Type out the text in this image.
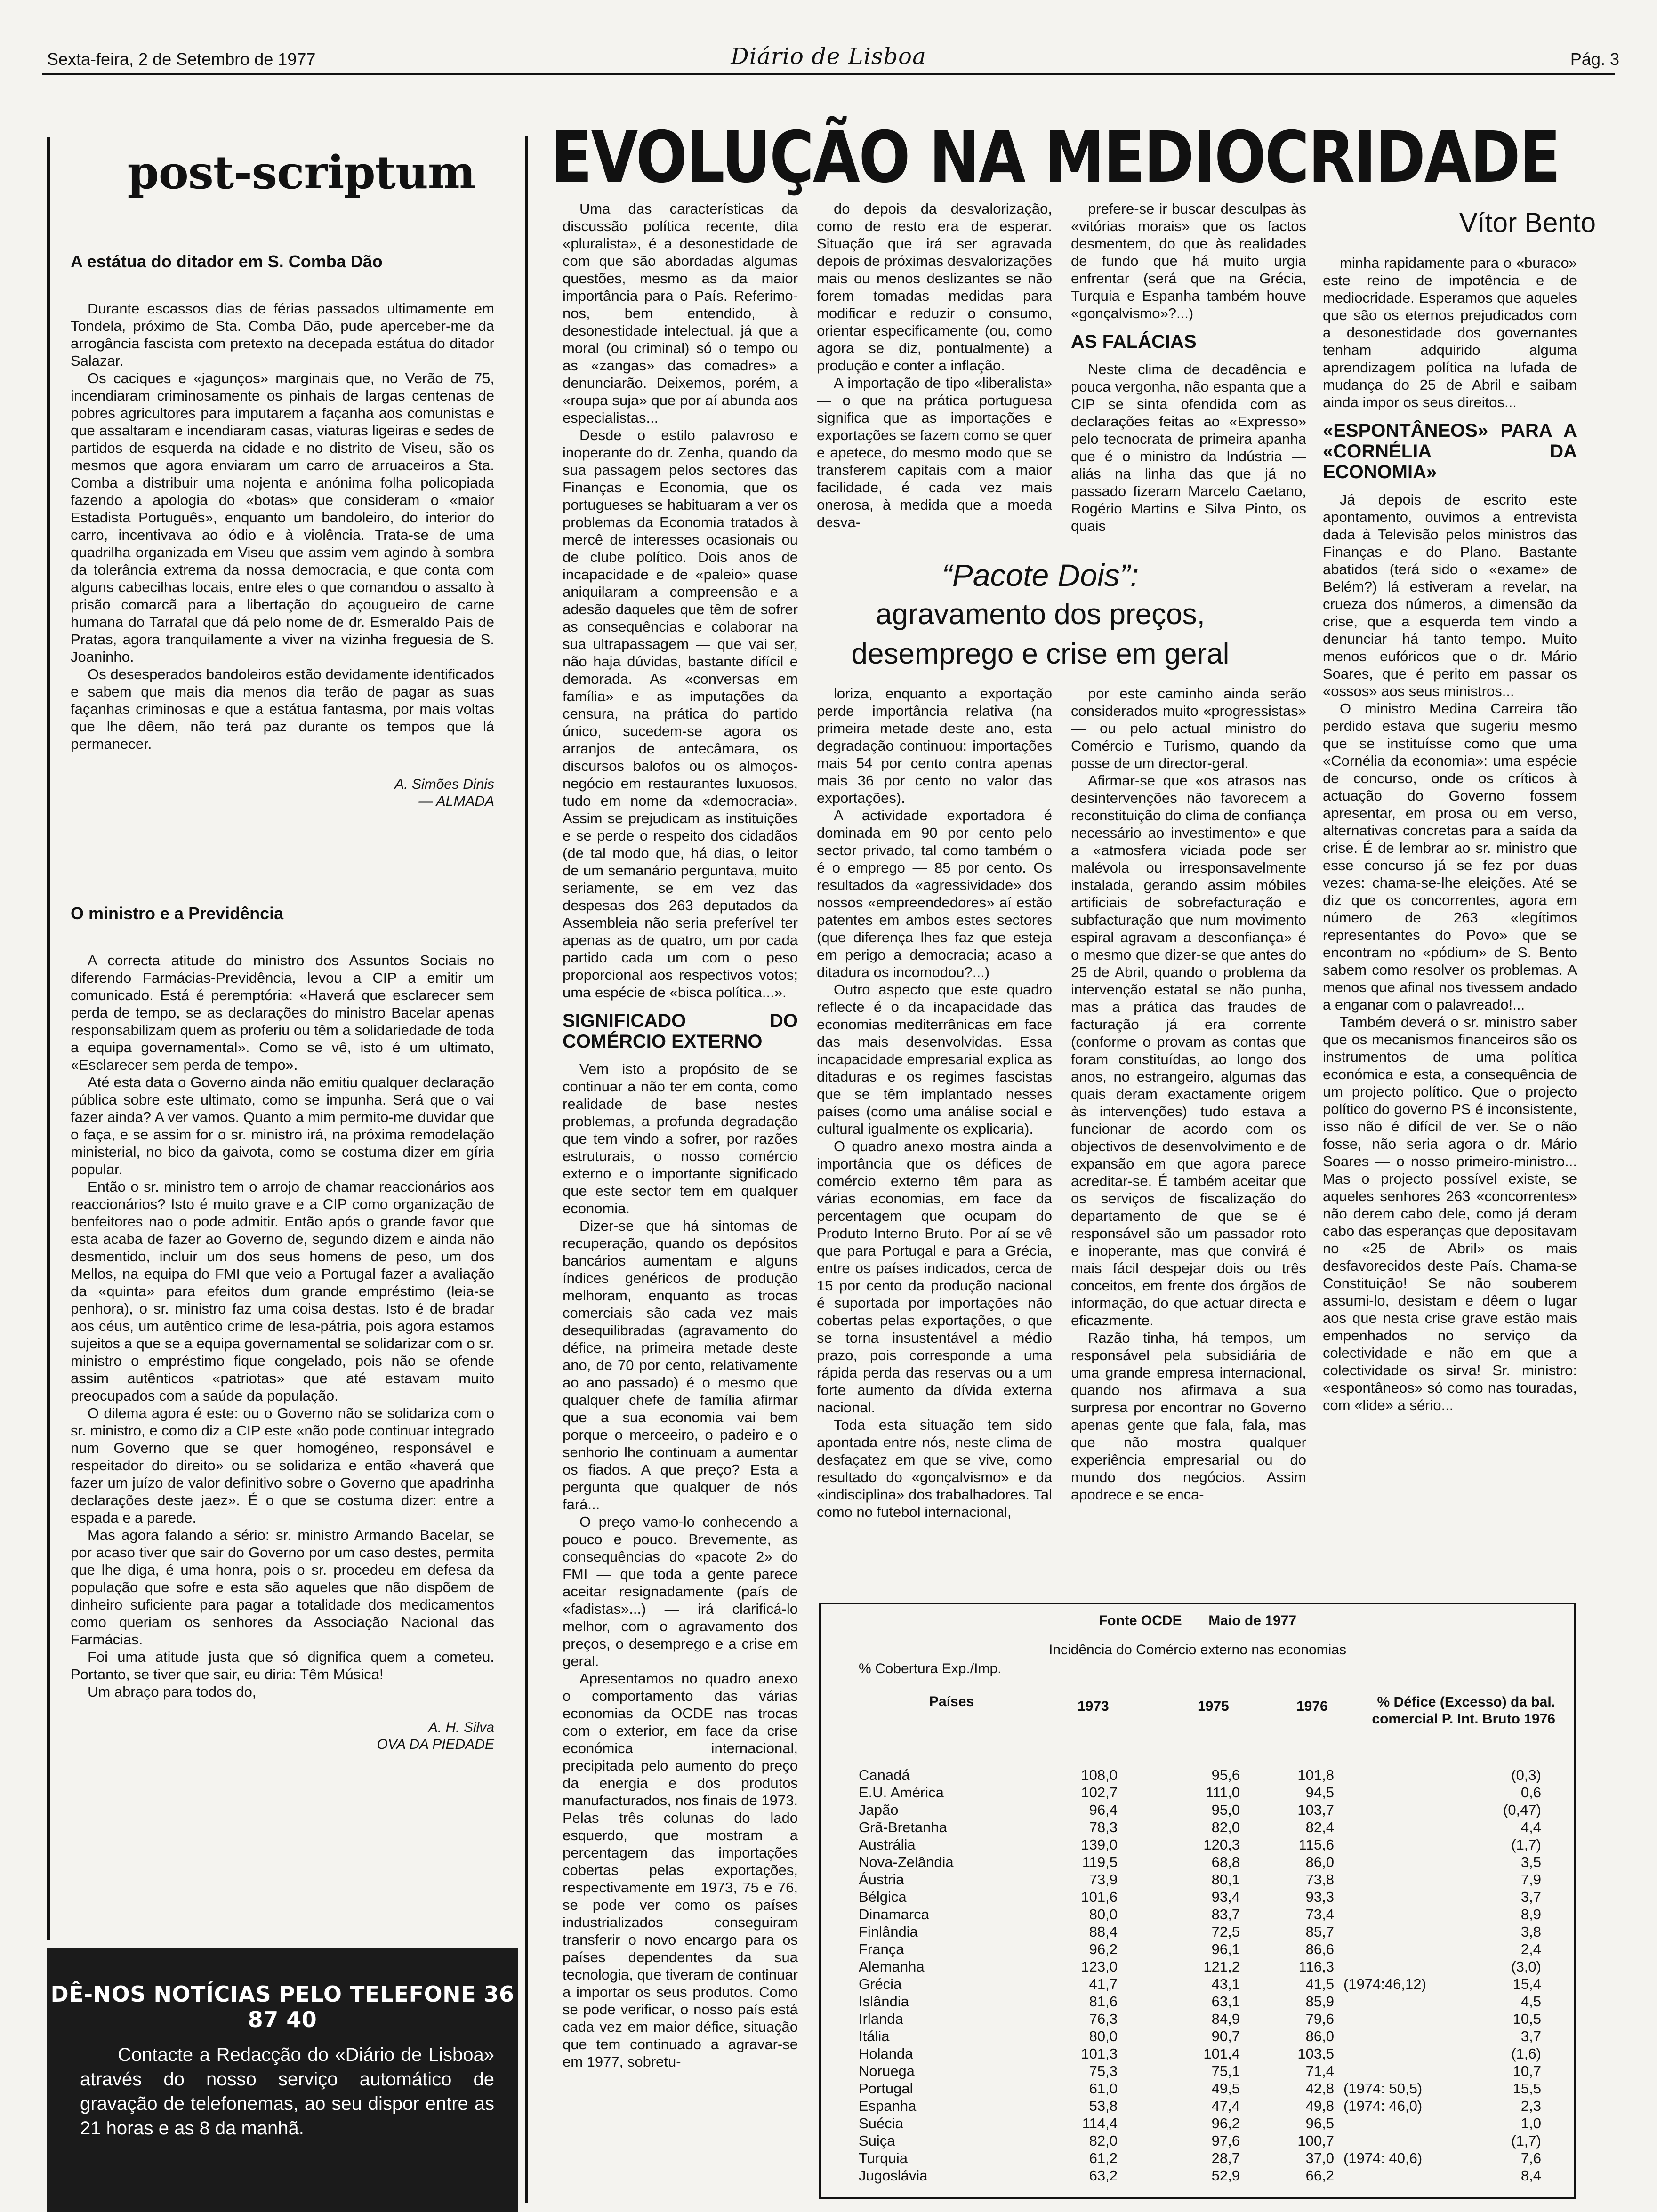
Sexta-feira, 2 de Setembro de 1977	Diário de Lisboa	Pág. 3
post-scriptum
A estátua do ditador em S. Comba Dão

Durante escassos dias de férias passados ultimamente em Tondela, próximo de Sta. Comba Dão, pude aperceber-me da arrogância fascista com pretexto na decepada estátua do ditador Salazar.

Os caciques e «jagunços» marginais que, no Verão de 75, incendiaram criminosamente os pinhais de largas centenas de pobres agricultores para imputarem a façanha aos comunistas e que assaltaram e incendiaram casas, viaturas ligeiras e sedes de partidos de esquerda na cidade e no distrito de Viseu, são os mesmos que agora enviaram um carro de arruaceiros a Sta. Comba a distribuir uma nojenta e anónima folha policopiada fazendo a apologia do «botas» que consideram o «maior Estadista Português», enquanto um bandoleiro, do interior do carro, incentivava ao ódio e à violência. Trata-se de uma quadrilha organizada em Viseu que assim vem agindo à sombra da tolerância extrema da nossa democracia, e que conta com alguns cabecilhas locais, entre eles o que comandou o assalto à prisão comarcã para a libertação do açougueiro de carne humana do Tarrafal que dá pelo nome de dr. Esmeraldo Pais de Pratas, agora tranquilamente a viver na vizinha freguesia de S. Joaninho.

Os desesperados bandoleiros estão devidamente identificados e sabem que mais dia menos dia terão de pagar as suas façanhas criminosas e que a estátua fantasma, por mais voltas que lhe dêem, não terá paz durante os tempos que lá permanecer.

A. Simões Dinis
— ALMADA
O ministro e a Previdência

A correcta atitude do ministro dos Assuntos Sociais no diferendo Farmácias-Previdência, levou a CIP a emitir um comunicado. Está é peremptória: «Haverá que esclarecer sem perda de tempo, se as declarações do ministro Bacelar apenas responsabilizam quem as proferiu ou têm a solidariedade de toda a equipa governamental». Como se vê, isto é um ultimato, «Esclarecer sem perda de tempo».

Até esta data o Governo ainda não emitiu qualquer declaração pública sobre este ultimato, como se impunha. Será que o vai fazer ainda? A ver vamos. Quanto a mim permito-me duvidar que o faça, e se assim for o sr. ministro irá, na próxima remodelação ministerial, no bico da gaivota, como se costuma dizer em gíria popular.

Então o sr. ministro tem o arrojo de chamar reaccionários aos reaccionários? Isto é muito grave e a CIP como organização de benfeitores nao o pode admitir. Então após o grande favor que esta acaba de fazer ao Governo de, segundo dizem e ainda não desmentido, incluir um dos seus homens de peso, um dos Mellos, na equipa do FMI que veio a Portugal fazer a avaliação da «quinta» para efeitos dum grande empréstimo (leia-se penhora), o sr. ministro faz uma coisa destas. Isto é de bradar aos céus, um autêntico crime de lesa-pátria, pois agora estamos sujeitos a que se a equipa governamental se solidarizar com o sr. ministro o empréstimo fique congelado, pois não se ofende assim autênticos «patriotas» que até estavam muito preocupados com a saúde da população.

O dilema agora é este: ou o Governo não se solidariza com o sr. ministro, e como diz a CIP este «não pode continuar integrado num Governo que se quer homogéneo, responsável e respeitador do direito» ou se solidariza e então «haverá que fazer um juízo de valor definitivo sobre o Governo que apadrinha declarações deste jaez». É o que se costuma dizer: entre a espada e a parede.

Mas agora falando a sério: sr. ministro Armando Bacelar, se por acaso tiver que sair do Governo por um caso destes, permita que lhe diga, é uma honra, pois o sr. procedeu em defesa da população que sofre e esta são aqueles que não dispõem de dinheiro suficiente para pagar a totalidade dos medicamentos como queriam os senhores da Associação Nacional das Farmácias.

Foi uma atitude justa que só dignifica quem a cometeu. Portanto, se tiver que sair, eu diria: Têm Música!

Um abraço para todos do,

A. H. Silva
OVA DA PIEDADE
DÊ-NOS NOTÍCIAS PELO TELEFONE 36 87 40
Contacte a Redacção do «Diário de Lisboa» através do nosso serviço automático de gravação de telefonemas, ao seu dispor entre as 21 horas e as 8 da manhã.
EVOLUÇÃO NA MEDIOCRIDADE
Vítor Bento

Uma das características da discussão política recente, dita «pluralista», é a desonestidade de com que são abordadas algumas questões, mesmo as da maior importância para o País. Referimo-nos, bem entendido, à desonestidade intelectual, já que a moral (ou criminal) só o tempo ou as «zangas» das comadres» a denunciarão. Deixemos, porém, a «roupa suja» que por aí abunda aos especialistas...

Desde o estilo palavroso e inoperante do dr. Zenha, quando da sua passagem pelos sectores das Finanças e Economia, que os portugueses se habituaram a ver os problemas da Economia tratados à mercê de interesses ocasionais ou de clube político. Dois anos de incapacidade e de «paleio» quase aniquilaram a compreensão e a adesão daqueles que têm de sofrer as consequências e colaborar na sua ultrapassagem — que vai ser, não haja dúvidas, bastante difícil e demorada. As «conversas em família» e as imputações da censura, na prática do partido único, sucedem-se agora os arranjos de antecâmara, os discursos balofos ou os almoços-negócio em restaurantes luxuosos, tudo em nome da «democracia». Assim se prejudicam as instituições e se perde o respeito dos cidadãos (de tal modo que, há dias, o leitor de um semanário perguntava, muito seriamente, se em vez das despesas dos 263 deputados da Assembleia não seria preferível ter apenas as de quatro, um por cada partido cada um com o peso proporcional aos respectivos votos; uma espécie de «bisca política...».

SIGNIFICADO DO COMÉRCIO EXTERNO

Vem isto a propósito de se continuar a não ter em conta, como realidade de base nestes problemas, a profunda degradação que tem vindo a sofrer, por razões estruturais, o nosso comércio externo e o importante significado que este sector tem em qualquer economia.

Dizer-se que há sintomas de recuperação, quando os depósitos bancários aumentam e alguns índices genéricos de produção melhoram, enquanto as trocas comerciais são cada vez mais desequilibradas (agravamento do défice, na primeira metade deste ano, de 70 por cento, relativamente ao ano passado) é o mesmo que qualquer chefe de família afirmar que a sua economia vai bem porque o merceeiro, o padeiro e o senhorio lhe continuam a aumentar os fiados. A que preço? Esta a pergunta que qualquer de nós fará...

O preço vamo-lo conhecendo a pouco e pouco. Brevemente, as consequências do «pacote 2» do FMI — que toda a gente parece aceitar resignadamente (país de «fadistas»...) — irá clarificá-lo melhor, com o agravamento dos preços, o desemprego e a crise em geral.

Apresentamos no quadro anexo o comportamento das várias economias da OCDE nas trocas com o exterior, em face da crise económica internacional, precipitada pelo aumento do preço da energia e dos produtos manufacturados, nos finais de 1973. Pelas três colunas do lado esquerdo, que mostram a percentagem das importações cobertas pelas exportações, respectivamente em 1973, 75 e 76, se pode ver como os países industrializados conseguiram transferir o novo encargo para os países dependentes da sua tecnologia, que tiveram de continuar a importar os seus produtos. Como se pode verificar, o nosso país está cada vez em maior défice, situação que tem continuado a agravar-se em 1977, sobretu-

do depois da desvalorização, como de resto era de esperar. Situação que irá ser agravada depois de próximas desvalorizações mais ou menos deslizantes se não forem tomadas medidas para modificar e reduzir o consumo, orientar especificamente (ou, como agora se diz, pontualmente) a produção e conter a inflação.

A importação de tipo «liberalista» — o que na prática portuguesa significa que as importações e exportações se fazem como se quer e apetece, do mesmo modo que se transferem capitais com a maior facilidade, é cada vez mais onerosa, à medida que a moeda desva-

prefere-se ir buscar desculpas às «vitórias morais» que os factos desmentem, do que às realidades de fundo que há muito urgia enfrentar (será que na Grécia, Turquia e Espanha também houve «gonçalvismo»?...)

AS FALÁCIAS

Neste clima de decadência e pouca vergonha, não espanta que a CIP se sinta ofendida com as declarações feitas ao «Expresso» pelo tecnocrata de primeira apanha que é o ministro da Indústria — aliás na linha das que já no passado fizeram Marcelo Caetano, Rogério Martins e Silva Pinto, os quais

minha rapidamente para o «buraco» este reino de impotência e de mediocridade. Esperamos que aqueles que são os eternos prejudicados com a desonestidade dos governantes tenham adquirido alguma aprendizagem política na lufada de mudança do 25 de Abril e saibam ainda impor os seus direitos...

«ESPONTÂNEOS» PARA A «CORNÉLIA DA ECONOMIA»

Já depois de escrito este apontamento, ouvimos a entrevista dada à Televisão pelos ministros das Finanças e do Plano. Bastante abatidos (terá sido o «exame» de Belém?) lá estiveram a revelar, na crueza dos números, a dimensão da crise, que a esquerda tem vindo a denunciar há tanto tempo. Muito menos eufóricos que o dr. Mário Soares, que é perito em passar os «ossos» aos seus ministros...

O ministro Medina Carreira tão perdido estava que sugeriu mesmo que se instituísse como que uma «Cornélia da economia»: uma espécie de concurso, onde os críticos à actuação do Governo fossem apresentar, em prosa ou em verso, alternativas concretas para a saída da crise. É de lembrar ao sr. ministro que esse concurso já se fez por duas vezes: chama-se-lhe eleições. Até se diz que os concorrentes, agora em número de 263 «legítimos representantes do Povo» que se encontram no «pódium» de S. Bento sabem como resolver os problemas. A menos que afinal nos tivessem andado a enganar com o palavreado!...

Também deverá o sr. ministro saber que os mecanismos financeiros são os instrumentos de uma política económica e esta, a consequência de um projecto político. Que o projecto político do governo PS é inconsistente, isso não é difícil de ver. Se o não fosse, não seria agora o dr. Mário Soares — o nosso primeiro-ministro... Mas o projecto possível existe, se aqueles senhores 263 «concorrentes» não derem cabo dele, como já deram cabo das esperanças que depositavam no «25 de Abril» os mais desfavorecidos deste País. Chama-se Constituição! Se não souberem assumi-lo, desistam e dêem o lugar aos que nesta crise grave estão mais empenhados no serviço da colectividade e não em que a colectividade os sirva! Sr. ministro: «espontâneos» só como nas touradas, com «lide» a sério...

“Pacote Dois”:
agravamento dos preços,
desemprego e crise em geral

loriza, enquanto a exportação perde importância relativa (na primeira metade deste ano, esta degradação continuou: importações mais 54 por cento contra apenas mais 36 por cento no valor das exportações).

A actividade exportadora é dominada em 90 por cento pelo sector privado, tal como também o é o emprego — 85 por cento. Os resultados da «agressividade» dos nossos «empreendedores» aí estão patentes em ambos estes sectores (que diferença lhes faz que esteja em perigo a democracia; acaso a ditadura os incomodou?...)

Outro aspecto que este quadro reflecte é o da incapacidade das economias mediterrânicas em face das mais desenvolvidas. Essa incapacidade empresarial explica as ditaduras e os regimes fascistas que se têm implantado nesses países (como uma análise social e cultural igualmente os explicaria).

O quadro anexo mostra ainda a importância que os défices de comércio externo têm para as várias economias, em face da percentagem que ocupam do Produto Interno Bruto. Por aí se vê que para Portugal e para a Grécia, entre os países indicados, cerca de 15 por cento da produção nacional é suportada por importações não cobertas pelas exportações, o que se torna insustentável a médio prazo, pois corresponde a uma rápida perda das reservas ou a um forte aumento da dívida externa nacional.

Toda esta situação tem sido apontada entre nós, neste clima de desfaçatez em que se vive, como resultado do «gonçalvismo» e da «indisciplina» dos trabalhadores. Tal como no futebol internacional,

por este caminho ainda serão considerados muito «progressistas» — ou pelo actual ministro do Comércio e Turismo, quando da posse de um director-geral.

Afirmar-se que «os atrasos nas desintervenções não favorecem a reconstituição do clima de confiança necessário ao investimento» e que a «atmosfera viciada pode ser malévola ou irresponsavelmente instalada, gerando assim móbiles artificiais de sobrefacturação e subfacturação que num movimento espiral agravam a desconfiança» é o mesmo que dizer-se que antes do 25 de Abril, quando o problema da intervenção estatal se não punha, mas a prática das fraudes de facturação já era corrente (conforme o provam as contas que foram constituídas, ao longo dos anos, no estrangeiro, algumas das quais deram exactamente origem às intervenções) tudo estava a funcionar de acordo com os objectivos de desenvolvimento e de expansão em que agora parece acreditar-se. É também aceitar que os serviços de fiscalização do departamento de que se é responsável são um passador roto e inoperante, mas que convirá é mais fácil despejar dois ou três conceitos, em frente dos órgãos de informação, do que actuar directa e eficazmente.

Razão tinha, há tempos, um responsável pela subsidiária de uma grande empresa internacional, quando nos afirmava a sua surpresa por encontrar no Governo apenas gente que fala, fala, mas que não mostra qualquer experiência empresarial ou do mundo dos negócios. Assim apodrece e se enca-

Fonte OCDE Maio de 1977
Incidência do Comércio externo nas economias
% Cobertura Exp./Imp.
Países	1973	1975	1976	% Défice (Excesso) da bal. comercial P. Int. Bruto 1976
Canadá	108,0	95,6	101,8	(0,3)
E.U. América	102,7	111,0	94,5	0,6
Japão	96,4	95,0	103,7	(0,47)
Grã-Bretanha	78,3	82,0	82,4	4,4
Austrália	139,0	120,3	115,6	(1,7)
Nova-Zelândia	119,5	68,8	86,0	3,5
Áustria	73,9	80,1	73,8	7,9
Bélgica	101,6	93,4	93,3	3,7
Dinamarca	80,0	83,7	73,4	8,9
Finlândia	88,4	72,5	85,7	3,8
França	96,2	96,1	86,6	2,4
Alemanha	123,0	121,2	116,3	(3,0)
Grécia	41,7	43,1	41,5 (1974:46,12)	15,4
Islândia	81,6	63,1	85,9	4,5
Irlanda	76,3	84,9	79,6	10,5
Itália	80,0	90,7	86,0	3,7
Holanda	101,3	101,4	103,5	(1,6)
Noruega	75,3	75,1	71,4	10,7
Portugal	61,0	49,5	42,8 (1974: 50,5)	15,5
Espanha	53,8	47,4	49,8 (1974: 46,0)	2,3
Suécia	114,4	96,2	96,5	1,0
Suiça	82,0	97,6	100,7	(1,7)
Turquia	61,2	28,7	37,0 (1974: 40,6)	7,6
Jugoslávia	63,2	52,9	66,2	8,4
